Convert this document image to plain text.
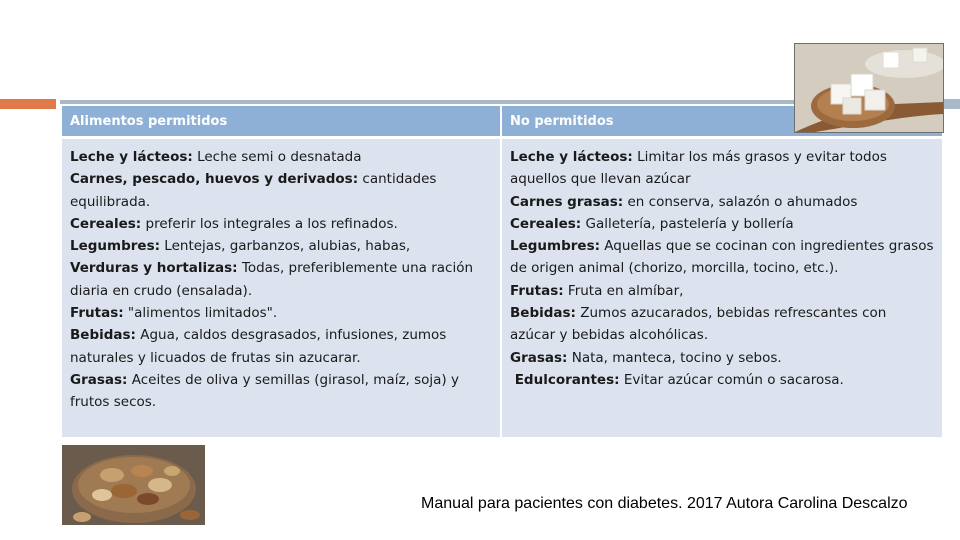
Alimentos permitidos	No permitidos
Leche y lácteos: Leche semi o desnatada
Carnes, pescado, huevos y derivados: cantidades equilibrada.
Cereales: preferir los integrales a los refinados.
Legumbres: Lentejas, garbanzos, alubias, habas,
Verduras y hortalizas: Todas, preferiblemente una ración diaria en crudo (ensalada).
Frutas: "alimentos limitados".
Bebidas: Agua, caldos desgrasados, infusiones, zumos naturales y licuados de frutas sin azucarar.
Grasas: Aceites de oliva y semillas (girasol, maíz, soja) y frutos secos.
Leche y lácteos: Limitar los más grasos y evitar todos aquellos que llevan azúcar
Carnes grasas: en conserva, salazón o ahumados
Cereales: Galletería, pastelería y bollería
Legumbres: Aquellas que se cocinan con ingredientes grasos de origen animal (chorizo, morcilla, tocino, etc.).
Frutas: Fruta en almíbar,
Bebidas: Zumos azucarados, bebidas refrescantes con azúcar y bebidas alcohólicas.
Grasas: Nata, manteca, tocino y sebos.
Edulcorantes: Evitar azúcar común o sacarosa.
Manual para pacientes con diabetes. 2017 Autora Carolina Descalzo
